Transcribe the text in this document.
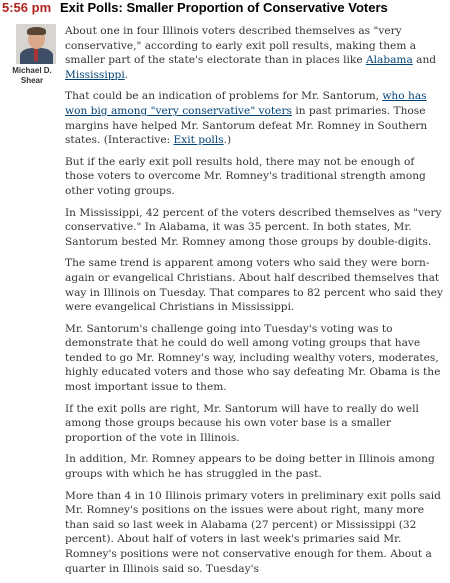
5:56 pm Exit Polls: Smaller Proportion of Conservative Voters
Michael D.
Shear

About one in four Illinois voters described themselves as "very conservative," according to early exit poll results, making them a smaller part of the state's electorate than in places like Alabama and Mississippi.

That could be an indication of problems for Mr. Santorum, who has won big among "very conservative" voters in past primaries. Those margins have helped Mr. Santorum defeat Mr. Romney in Southern states. (Interactive: Exit polls.)

But if the early exit poll results hold, there may not be enough of those voters to overcome Mr. Romney's traditional strength among other voting groups.

In Mississippi, 42 percent of the voters described themselves as "very conservative." In Alabama, it was 35 percent. In both states, Mr. Santorum bested Mr. Romney among those groups by double-digits.

The same trend is apparent among voters who said they were born-again or evangelical Christians. About half described themselves that way in Illinois on Tuesday. That compares to 82 percent who said they were evangelical Christians in Mississippi.

Mr. Santorum's challenge going into Tuesday's voting was to demonstrate that he could do well among voting groups that have tended to go Mr. Romney's way, including wealthy voters, moderates, highly educated voters and those who say defeating Mr. Obama is the most important issue to them.

If the exit polls are right, Mr. Santorum will have to really do well among those groups because his own voter base is a smaller proportion of the vote in Illinois.

In addition, Mr. Romney appears to be doing better in Illinois among groups with which he has struggled in the past.

More than 4 in 10 Illinois primary voters in preliminary exit polls said Mr. Romney's positions on the issues were about right, many more than said so last week in Alabama (27 percent) or Mississippi (32 percent). About half of voters in last week's primaries said Mr. Romney's positions were not conservative enough for them. About a quarter in Illinois said so. Tuesday's
